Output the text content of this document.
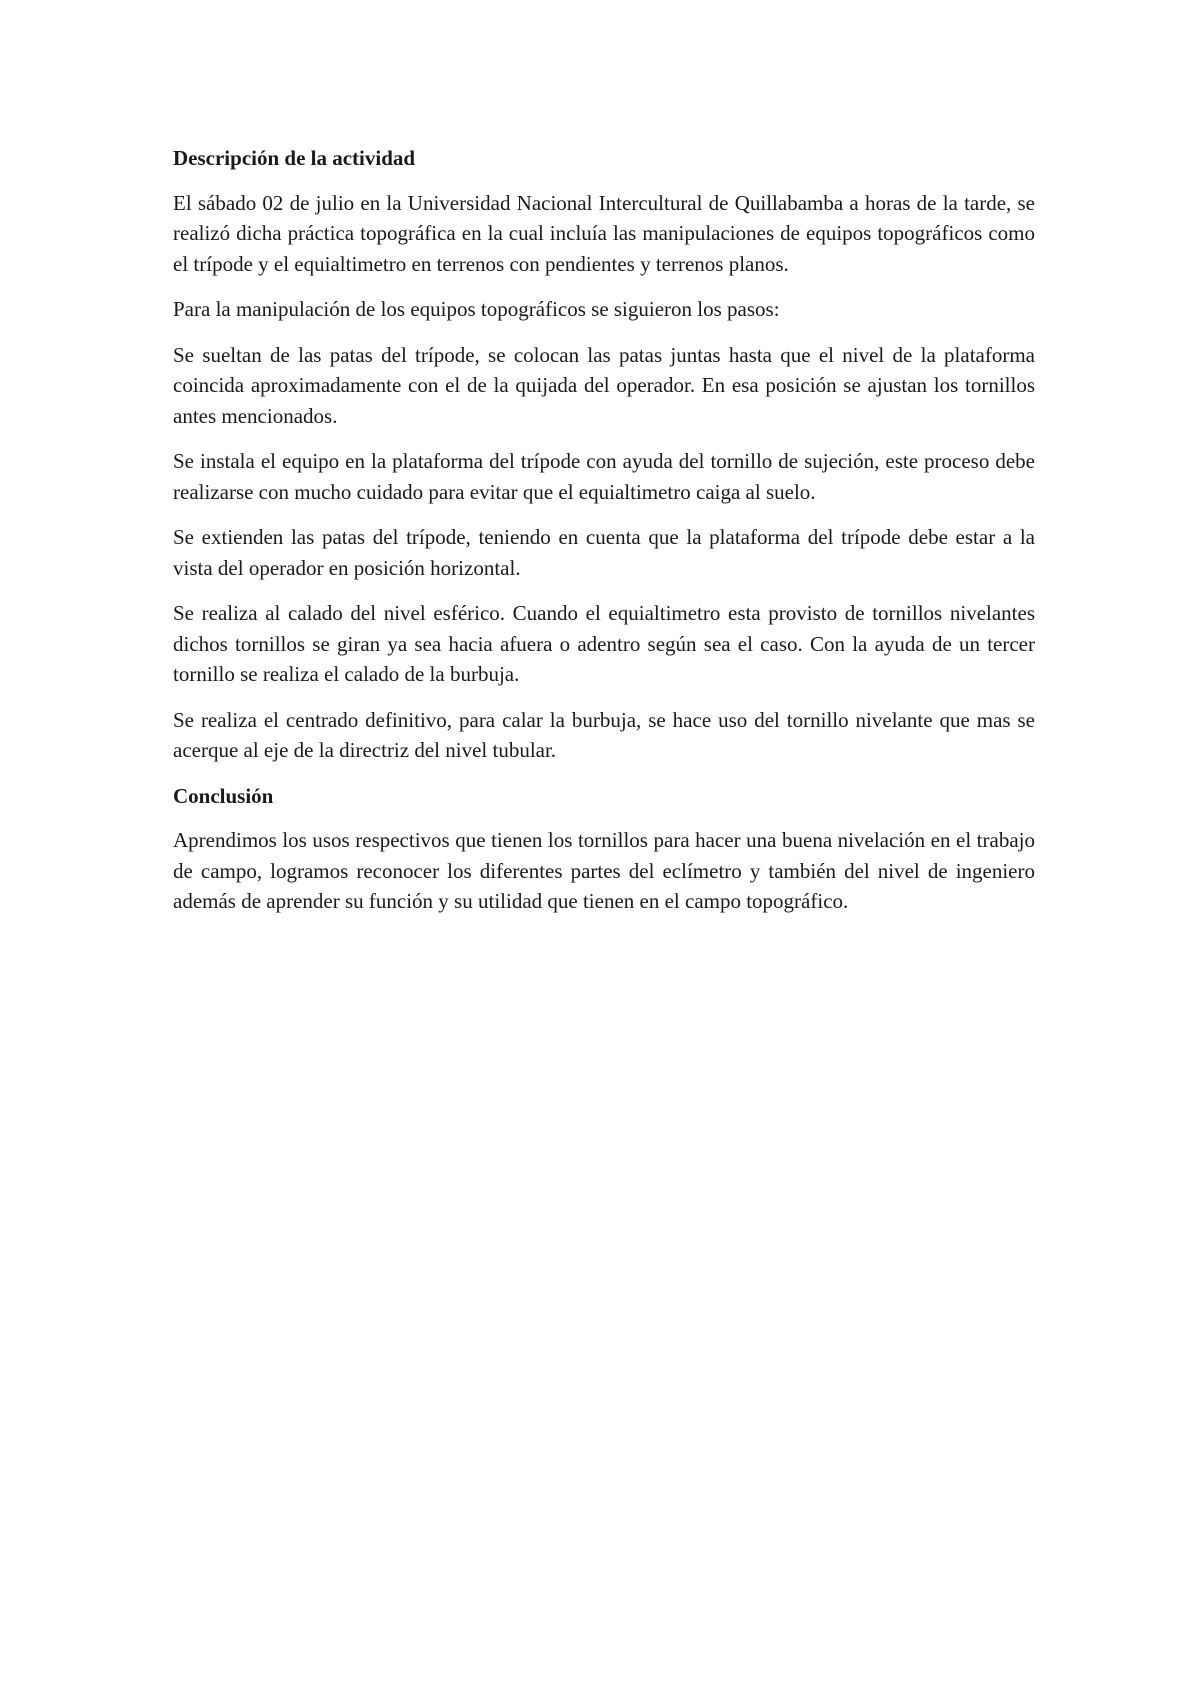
Descripción de la actividad

El sábado 02 de julio en la Universidad Nacional Intercultural de Quillabamba a horas de la tarde, se realizó dicha práctica topográfica en la cual incluía las manipulaciones de equipos topográficos como el trípode y el equialtimetro en terrenos con pendientes y terrenos planos.

Para la manipulación de los equipos topográficos se siguieron los pasos:

Se sueltan de las patas del trípode, se colocan las patas juntas hasta que el nivel de la plataforma coincida aproximadamente con el de la quijada del operador. En esa posición se ajustan los tornillos antes mencionados.

Se instala el equipo en la plataforma del trípode con ayuda del tornillo de sujeción, este proceso debe realizarse con mucho cuidado para evitar que el equialtimetro caiga al suelo.

Se extienden las patas del trípode, teniendo en cuenta que la plataforma del trípode debe estar a la vista del operador en posición horizontal.

Se realiza al calado del nivel esférico. Cuando el equialtimetro esta provisto de tornillos nivelantes dichos tornillos se giran ya sea hacia afuera o adentro según sea el caso. Con la ayuda de un tercer tornillo se realiza el calado de la burbuja.

Se realiza el centrado definitivo, para calar la burbuja, se hace uso del tornillo nivelante que mas se acerque al eje de la directriz del nivel tubular.

Conclusión

Aprendimos los usos respectivos que tienen los tornillos para hacer una buena nivelación en el trabajo de campo, logramos reconocer los diferentes partes del eclímetro y también del nivel de ingeniero además de aprender su función y su utilidad que tienen en el campo topográfico.
